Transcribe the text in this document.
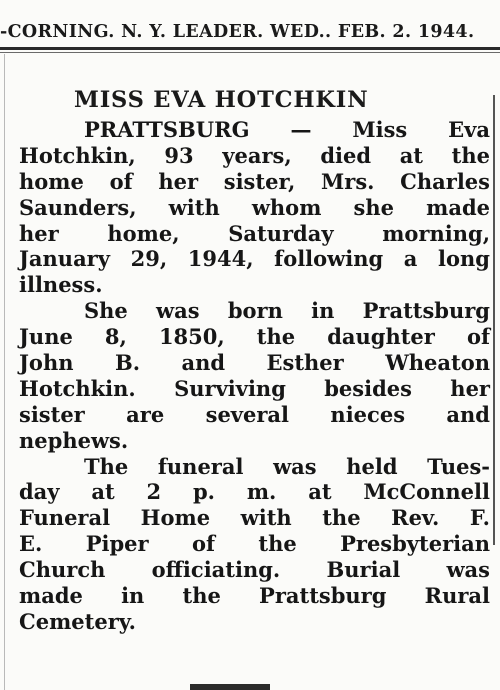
-CORNING. N. Y. LEADER. WED.. FEB. 2. 1944.
MISS EVA HOTCHKIN
PRATTSBURG — Miss Eva
Hotchkin, 93 years, died at the
home of her sister, Mrs. Charles
Saunders, with whom she made
her home, Saturday morning,
January 29, 1944, following a long
illness.
She was born in Prattsburg
June 8, 1850, the daughter of
John B. and Esther Wheaton
Hotchkin. Surviving besides her
sister are several nieces and
nephews.
The funeral was held Tues-
day at 2 p. m. at McConnell
Funeral Home with the Rev. F.
E. Piper of the Presbyterian
Church officiating. Burial was
made in the Prattsburg Rural
Cemetery.
